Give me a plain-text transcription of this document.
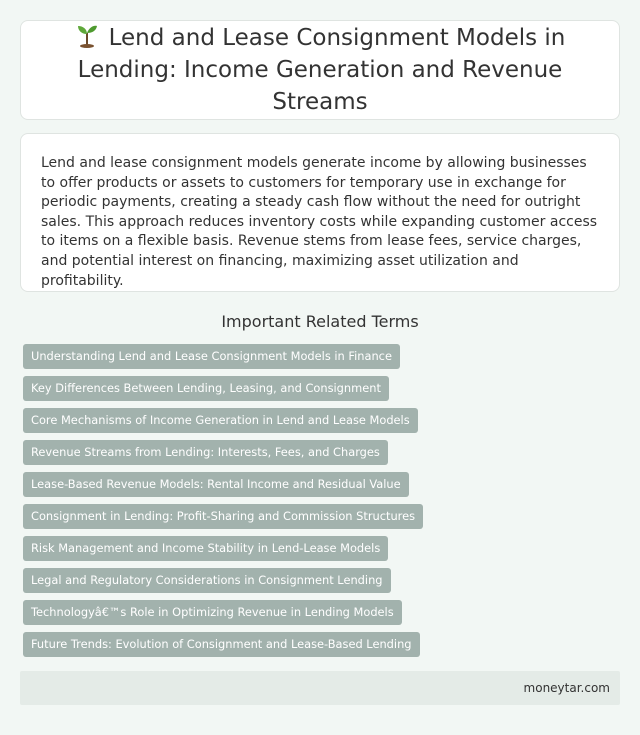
Lend and Lease Consignment Models in Lending: Income Generation and Revenue Streams

Lend and lease consignment models generate income by allowing businesses to offer products or assets to customers for temporary use in exchange for periodic payments, creating a steady cash flow without the need for outright sales. This approach reduces inventory costs while expanding customer access to items on a flexible basis. Revenue stems from lease fees, service charges, and potential interest on financing, maximizing asset utilization and profitability.

Important Related Terms
Understanding Lend and Lease Consignment Models in Finance
Key Differences Between Lending, Leasing, and Consignment
Core Mechanisms of Income Generation in Lend and Lease Models
Revenue Streams from Lending: Interests, Fees, and Charges
Lease-Based Revenue Models: Rental Income and Residual Value
Consignment in Lending: Profit-Sharing and Commission Structures
Risk Management and Income Stability in Lend-Lease Models
Legal and Regulatory Considerations in Consignment Lending
Technologyâ€™s Role in Optimizing Revenue in Lending Models
Future Trends: Evolution of Consignment and Lease-Based Lending
moneytar.com
